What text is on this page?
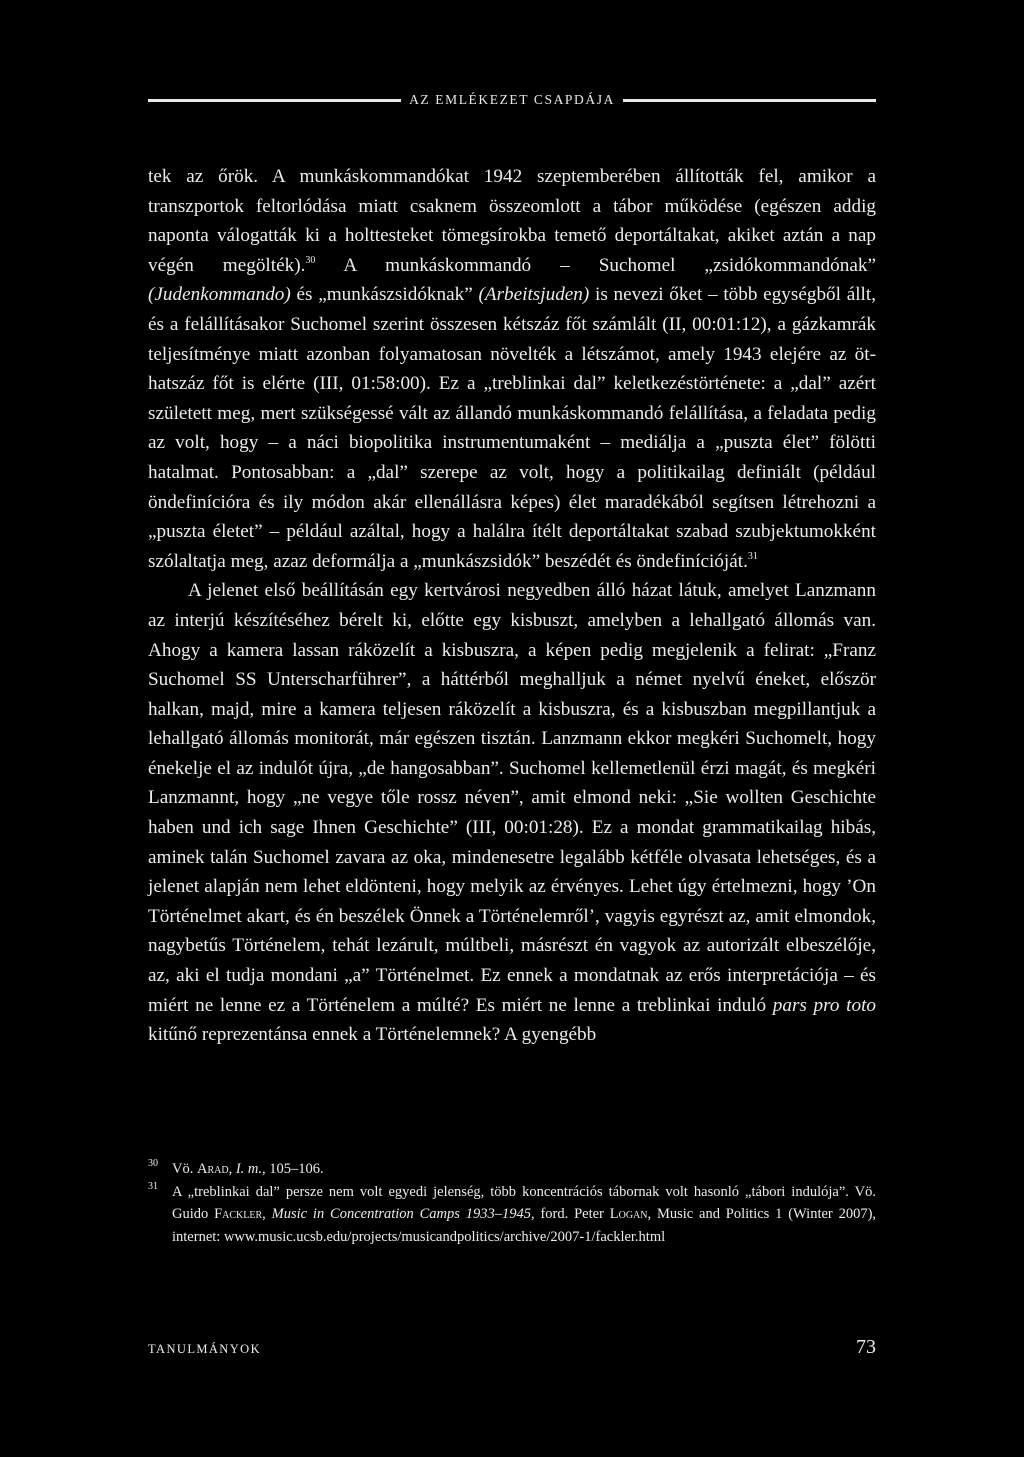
AZ EMLÉKEZET CSAPDÁJA

tek az őrök. A munkáskommandókat 1942 szeptemberében állították fel, amikor a transzportok feltorlódása miatt csaknem összeomlott a tábor működése (egészen addig naponta válogatták ki a holttesteket tömegsírokba temető deportáltakat, akiket aztán a nap végén megölték).$^{30}$ A munkáskommandó – Suchomel „zsidókommandónak” (Judenkommando) és „munkászsidóknak” (Arbeitsjuden) is nevezi őket – több egységből állt, és a felállításakor Suchomel szerint összesen kétszáz főt számlált (II, 00:01:12), a gázkamrák teljesítménye miatt azonban folyamatosan növelték a létszámot, amely 1943 elejére az öt-hatszáz főt is elérte (III, 01:58:00). Ez a „treblinkai dal” keletkezéstörténete: a „dal” azért született meg, mert szükségessé vált az állandó munkáskommandó felállítása, a feladata pedig az volt, hogy – a náci biopolitika instrumentumaként – mediálja a „puszta élet” fölötti hatalmat. Pontosabban: a „dal” szerepe az volt, hogy a politikailag definiált (például öndefinícióra és ily módon akár ellenállásra képes) élet maradékából segítsen létrehozni a „puszta életet” – például azáltal, hogy a halálra ítélt deportáltakat szabad szubjektumokként szólaltatja meg, azaz deformálja a „munkászsidók” beszédét és öndefinícióját.$^{31}$

A jelenet első beállításán egy kertvárosi negyedben álló házat látuk, amelyet Lanzmann az interjú készítéséhez bérelt ki, előtte egy kisbuszt, amelyben a lehallgató állomás van. Ahogy a kamera lassan ráközelít a kisbuszra, a képen pedig megjelenik a felirat: „Franz Suchomel SS Unterscharführer”, a háttérből meghalljuk a német nyelvű éneket, először halkan, majd, mire a kamera teljesen ráközelít a kisbuszra, és a kisbuszban megpillantjuk a lehallgató állomás monitorát, már egészen tisztán. Lanzmann ekkor megkéri Suchomelt, hogy énekelje el az indulót újra, „de hangosabban”. Suchomel kellemetlenül érzi magát, és megkéri Lanzmannt, hogy „ne vegye tőle rossz néven”, amit elmond neki: „Sie wollten Geschichte haben und ich sage Ihnen Geschichte” (III, 00:01:28). Ez a mondat grammatikailag hibás, aminek talán Suchomel zavara az oka, mindenesetre legalább kétféle olvasata lehetséges, és a jelenet alapján nem lehet eldönteni, hogy melyik az érvényes. Lehet úgy értelmezni, hogy ’On Történelmet akart, és én beszélek Önnek a Történelemről’, vagyis egyrészt az, amit elmondok, nagybetűs Történelem, tehát lezárult, múltbeli, másrészt én vagyok az autorizált elbeszélője, az, aki el tudja mondani „a” Történelmet. Ez ennek a mondatnak az erős interpretációja – és miért ne lenne ez a Történelem a múlté? Es miért ne lenne a treblinkai induló pars pro toto kitűnő reprezentánsa ennek a Történelemnek? A gyengébb

30 Vö. Arad, I. m., 105–106.
31 A „treblinkai dal” persze nem volt egyedi jelenség, több koncentrációs tábornak volt hasonló „tábori indulója”. Vö. Guido Fackler, Music in Concentration Camps 1933–1945, ford. Peter Logan, Music and Politics 1 (Winter 2007), internet: www.music.ucsb.edu/projects/musicandpolitics/archive/2007-1/fackler.html
TANULMÁNYOK	73
